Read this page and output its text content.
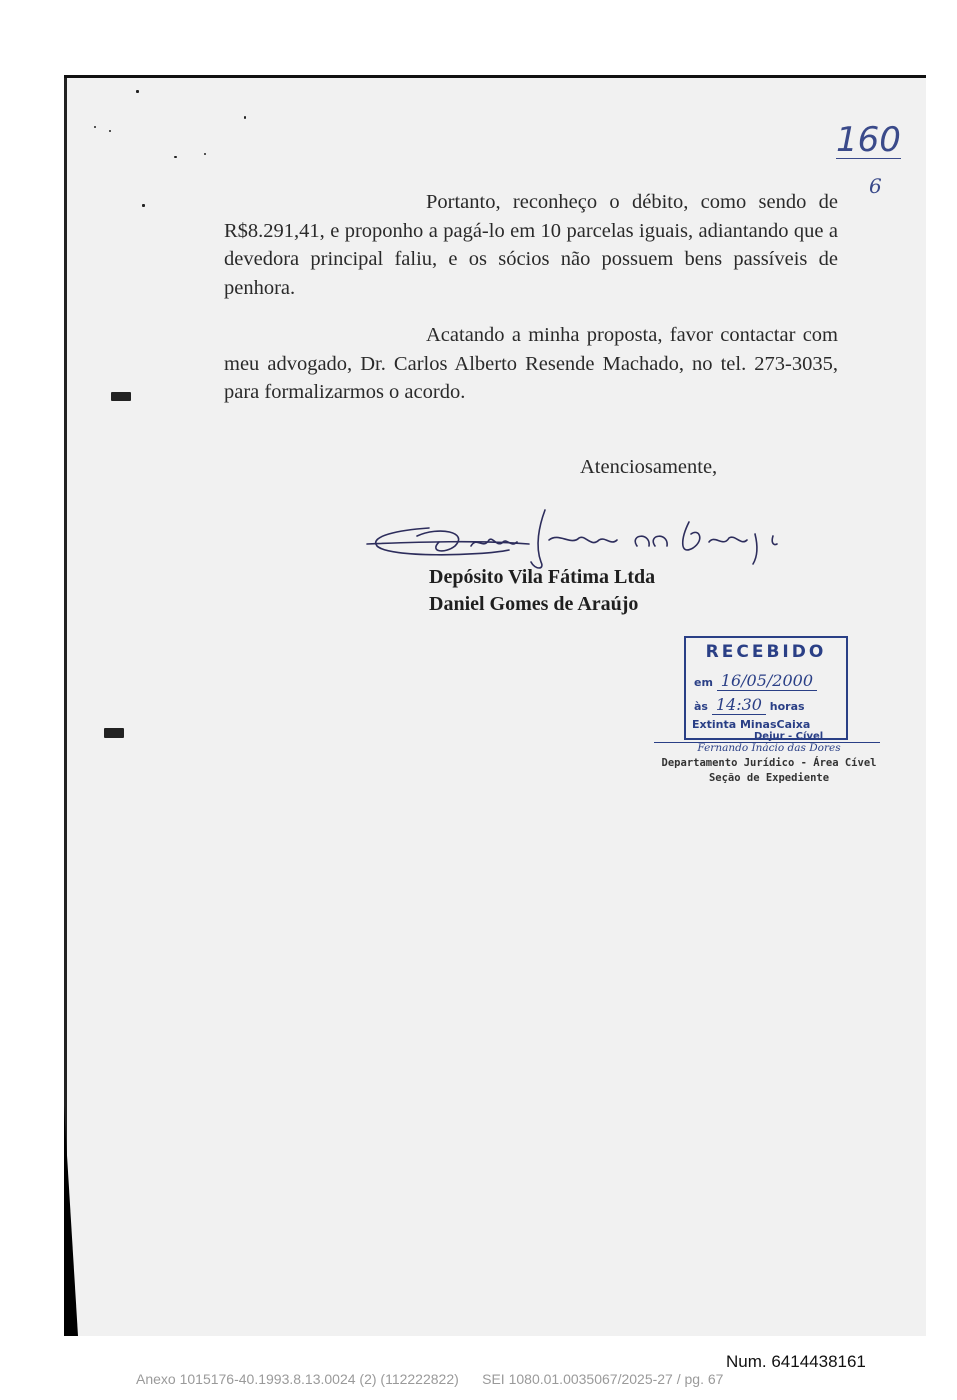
Portanto, reconheço o débito, como sendo de R$8.291,41, e proponho a pagá-lo em 10 parcelas iguais, adiantando que a devedora principal faliu, e os sócios não possuem bens passíveis de penhora.

Acatando a minha proposta, favor contactar com meu advogado, Dr. Carlos Alberto Resende Machado, no tel. 273-3035, para formalizarmos o acordo.

Atenciosamente,
Depósito Vila Fátima Ltda
Daniel Gomes de Araújo
RECEBIDO
em 16/05/2000
às 14:30 horas
Extinta MinasCaixa
Dejur - Cível
Fernando Inácio das Dores
Departamento Jurídico - Área Cível
Seção de Expediente
160
6
Num. 6414438161
Anexo 1015176-40.1993.8.13.0024 (2) (112222822) SEI 1080.01.0035067/2025-27 / pg. 67
